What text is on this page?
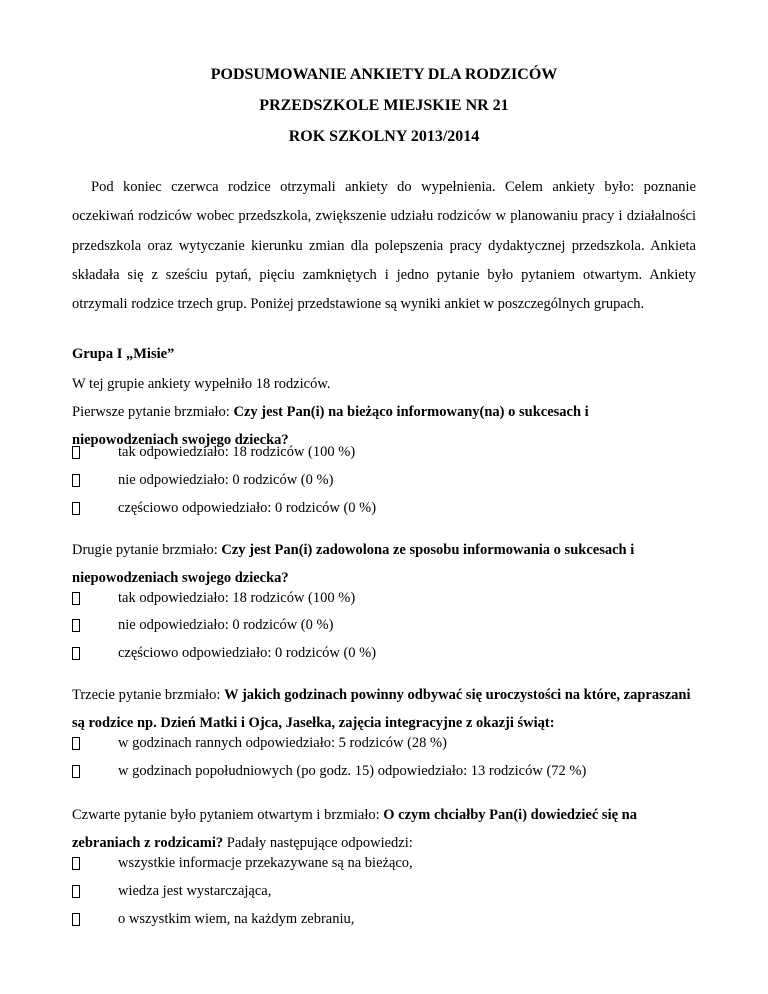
PODSUMOWANIE ANKIETY DLA RODZICÓW
PRZEDSZKOLE MIEJSKIE NR 21
ROK SZKOLNY 2013/2014

Pod koniec czerwca rodzice otrzymali ankiety do wypełnienia. Celem ankiety było: poznanie oczekiwań rodziców wobec przedszkola, zwiększenie udziału rodziców w planowaniu pracy i działalności przedszkola oraz wytyczanie kierunku zmian dla polepszenia pracy dydaktycznej przedszkola. Ankieta składała się z sześciu pytań, pięciu zamkniętych i jedno pytanie było pytaniem otwartym. Ankiety otrzymali rodzice trzech grup. Poniżej przedstawione są wyniki ankiet w poszczególnych grupach.

Grupa I „Misie”
W tej grupie ankiety wypełniło 18 rodziców.

Pierwsze pytanie brzmiało: Czy jest Pan(i) na bieżąco informowany(na) o sukcesach i niepowodzeniach swojego dziecka?

tak odpowiedziało: 18 rodziców (100 %)
nie odpowiedziało: 0 rodziców (0 %)
częściowo odpowiedziało: 0 rodziców (0 %)

Drugie pytanie brzmiało: Czy jest Pan(i) zadowolona ze sposobu informowania o sukcesach i niepowodzeniach swojego dziecka?

tak odpowiedziało: 18 rodziców (100 %)
nie odpowiedziało: 0 rodziców (0 %)
częściowo odpowiedziało: 0 rodziców (0 %)

Trzecie pytanie brzmiało: W jakich godzinach powinny odbywać się uroczystości na które, zapraszani są rodzice np. Dzień Matki i Ojca, Jasełka, zajęcia integracyjne z okazji świąt:

w godzinach rannych odpowiedziało: 5 rodziców (28 %)
w godzinach popołudniowych (po godz. 15) odpowiedziało: 13 rodziców (72 %)

Czwarte pytanie było pytaniem otwartym i brzmiało: O czym chciałby Pan(i) dowiedzieć się na zebraniach z rodzicami? Padały następujące odpowiedzi:

wszystkie informacje przekazywane są na bieżąco,
wiedza jest wystarczająca,
o wszystkim wiem, na każdym zebraniu,
